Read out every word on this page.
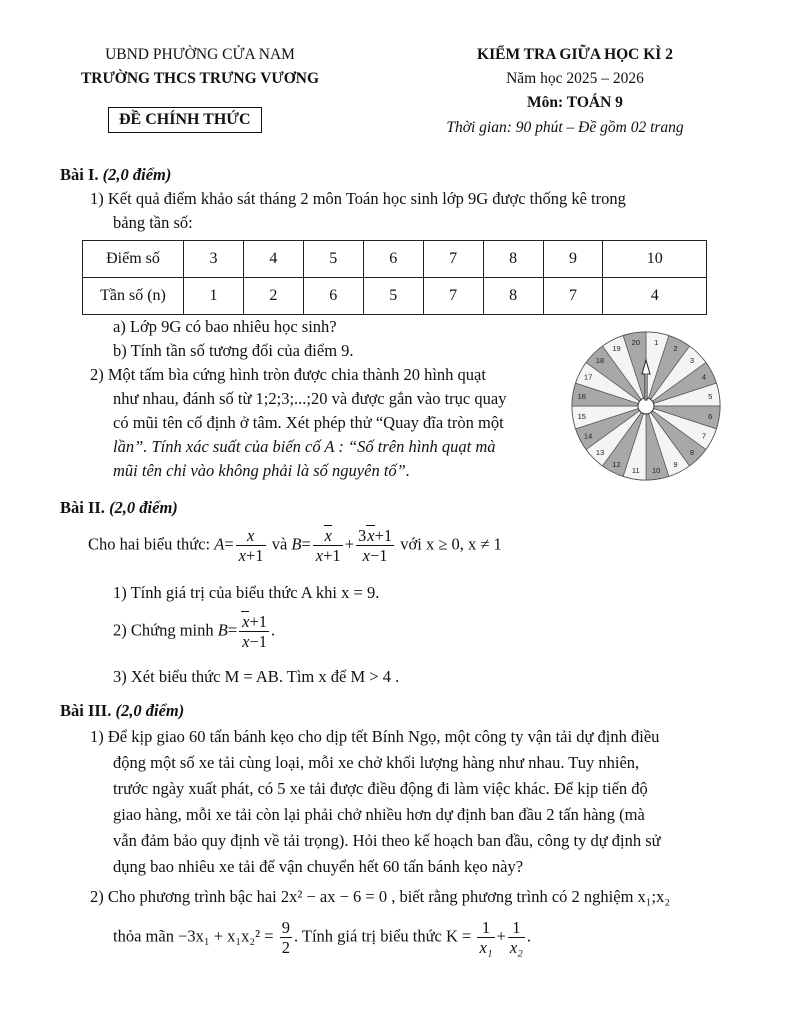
UBND PHƯỜNG CỬA NAM
TRƯỜNG THCS TRƯNG VƯƠNG
ĐỀ CHÍNH THỨC
KIỂM TRA GIỮA HỌC KÌ 2
Năm học 2025 – 2026
Môn: TOÁN 9
Thời gian: 90 phút – Đề gồm 02 trang
Bài I. (2,0 điểm)
1) Kết quả điểm khảo sát tháng 2 môn Toán học sinh lớp 9G được thống kê trong
bảng tần số:
Điểm số	3	4	5	6	7	8	9	10
Tần số (n)	1	2	6	5	7	8	7	4
a) Lớp 9G có bao nhiêu học sinh?
b) Tính tần số tương đối của điểm 9.
2) Một tấm bìa cứng hình tròn được chia thành 20 hình quạt
như nhau, đánh số từ 1;2;3;...;20 và được gắn vào trục quay
có mũi tên cố định ở tâm. Xét phép thử “Quay đĩa tròn một
lần”. Tính xác suất của biến cố A : “Số trên hình quạt mà
mũi tên chỉ vào không phải là số nguyên tố”.
1
2
3
4
5
6
7
8
9
10
11
12
13
14
15
16
17
18
19
20
Bài II. (2,0 điểm)
Cho hai biểu thức: $A= \frac{x}{x+1}$ và $B= \frac{x}{x+1} + \frac{3x+1}{x-1}$ với x ≥ 0, x ≠ 1
1) Tính giá trị của biểu thức A khi x = 9.
2) Chứng minh $B= \frac{x+1}{x-1}$ .
3) Xét biểu thức M = AB. Tìm x để M > 4 .
Bài III. (2,0 điểm)
1) Để kịp giao 60 tấn bánh kẹo cho dịp tết Bính Ngọ, một công ty vận tải dự định điều
động một số xe tải cùng loại, mỗi xe chở khối lượng hàng như nhau. Tuy nhiên,
trước ngày xuất phát, có 5 xe tải được điều động đi làm việc khác. Để kịp tiến độ
giao hàng, mỗi xe tải còn lại phải chở nhiều hơn dự định ban đầu 2 tấn hàng (mà
vẫn đảm bảo quy định về tải trọng). Hỏi theo kế hoạch ban đầu, công ty dự định sử
dụng bao nhiêu xe tải để vận chuyển hết 60 tấn bánh kẹo này?
2) Cho phương trình bậc hai 2x² − ax − 6 = 0 , biết rằng phương trình có 2 nghiệm x₁;x₂
thỏa mãn $-3x_1 + x_1x_2^2 = \frac{9}{2}$ . Tính giá trị biểu thức $K = \frac{1}{\text{x₁}} + \frac{1}{\text{x₂}}$ .
